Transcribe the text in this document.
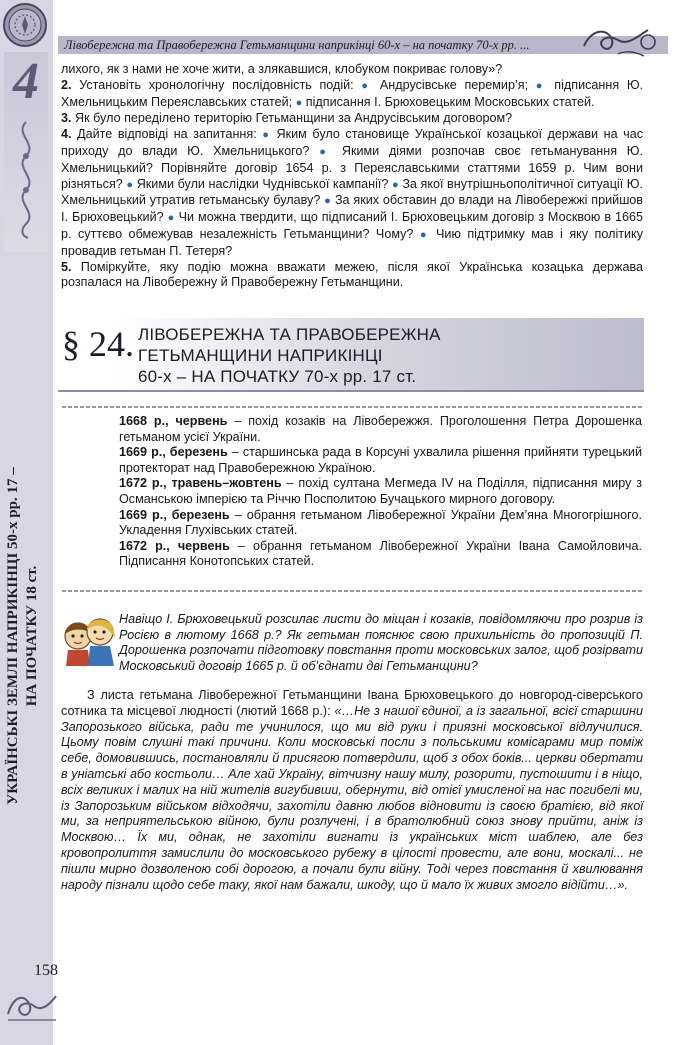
4
УКРАЇНСЬКІ ЗЕМЛІ НАПРИКІНЦІ 50-х рр. 17 – НА ПОЧАТКУ 18 ст.
158
Лівобережна та Правобережна Гетьманщини наприкінці 60-х – на початку 70-х рр. ...

лихого, як з нами не хоче жити, а злякавшися, клобуком покриває голову»?

2. Установіть хронологічну послідовність подій: ● Андрусівське перемир’я; ● підписання Ю. Хмельницьким Переяславських статей; ● підписання І. Брюховецьким Московських статей.

3. Як було переділено територію Гетьманщини за Андрусівським договором?

4. Дайте відповіді на запитання: ● Яким було становище Української козацької держави на час приходу до влади Ю. Хмельницького? ● Якими діями розпочав своє гетьманування Ю. Хмельницький? Порівняйте договір 1654 р. з Переяславськими статтями 1659 р. Чим вони різняться? ● Якими були наслідки Чуднівської кампанії? ● За якої внутрішньополітичної ситуації Ю. Хмельницький утратив гетьманську булаву? ● За яких обставин до влади на Лівобережжі прийшов І. Брюховецький? ● Чи можна твердити, що підписаний І. Брюховецьким договір з Москвою в 1665 р. суттєво обмежував незалежність Гетьманщини? Чому? ● Чию підтримку мав і яку політику провадив гетьман П. Тетеря?

5. Поміркуйте, яку подію можна вважати межею, після якої Українська козацька держава розпалася на Лівобережну й Правобережну Гетьманщини.

§ 24. ЛІВОБЕРЕЖНА ТА ПРАВОБЕРЕЖНА
ГЕТЬМАНЩИНИ НАПРИКІНЦІ
60-х – НА ПОЧАТКУ 70-х рр. 17 ст.

1668 р., червень – похід козаків на Лівобережжя. Проголошення Петра Дорошенка гетьманом усієї України.

1669 р., березень – старшинська рада в Корсуні ухвалила рішення прийняти турецький протекторат над Правобережною Україною.

1672 р., травень–жовтень – похід султана Мегмеда IV на Поділля, підписання миру з Османською імперією та Річчю Посполитою Бучацького мирного договору.

1669 р., березень – обрання гетьманом Лівобережної України Дем’яна Многогрішного. Укладення Глухівських статей.

1672 р., червень – обрання гетьманом Лівобережної України Івана Самойловича. Підписання Конотопських статей.

Навіщо І. Брюховецький розсилає листи до міщан і козаків, повідомляючи про розрив із Росією в лютому 1668 р.? Як гетьман пояснює свою прихильність до пропозицій П. Дорошенка розпочати підготовку повстання проти московських залог, щоб розірвати Московський договір 1665 р. й об’єднати дві Гетьманщини?

З листа гетьмана Лівобережної Гетьманщини Івана Брюховецького до новгород-сіверського сотника та місцевої людності (лютий 1668 р.): «…Не з нашої єдиної, а із загальної, всієї старшини Запорозького війська, ради те учинилося, що ми від руки і приязні московської відлучилися. Цьому повім слушні такі причини. Коли московські посли з польськими комісарами мир поміж себе, домовившись, постановляли й присягою потвердили, щоб з обох боків... церкви обертати в уніатські або костьоли… Але хай Україну, вітчизну нашу милу, розорити, пустошити і в ніщо, всіх великих і малих на ній жителів вигубивши, обернути, від отієї умисленої на нас погибелі ми, із Запорозьким військом відходячи, захотіли давню любов відновити із своєю братією, від якої ми, за неприятельською війною, були розлучені, і в братолюбний союз знову прийти, аніж із Москвою… Їх ми, однак, не захотіли вигнати із українських міст шаблею, але без кровопролиття замислили до московського рубежу в цілості провести, але вони, москалі... не пішли мирно дозволеною собі дорогою, а почали були війну. Тоді через повстання й хвилювання народу пізнали щодо себе таку, якої нам бажали, шкоду, що й мало їх живих змогло відійти…».
